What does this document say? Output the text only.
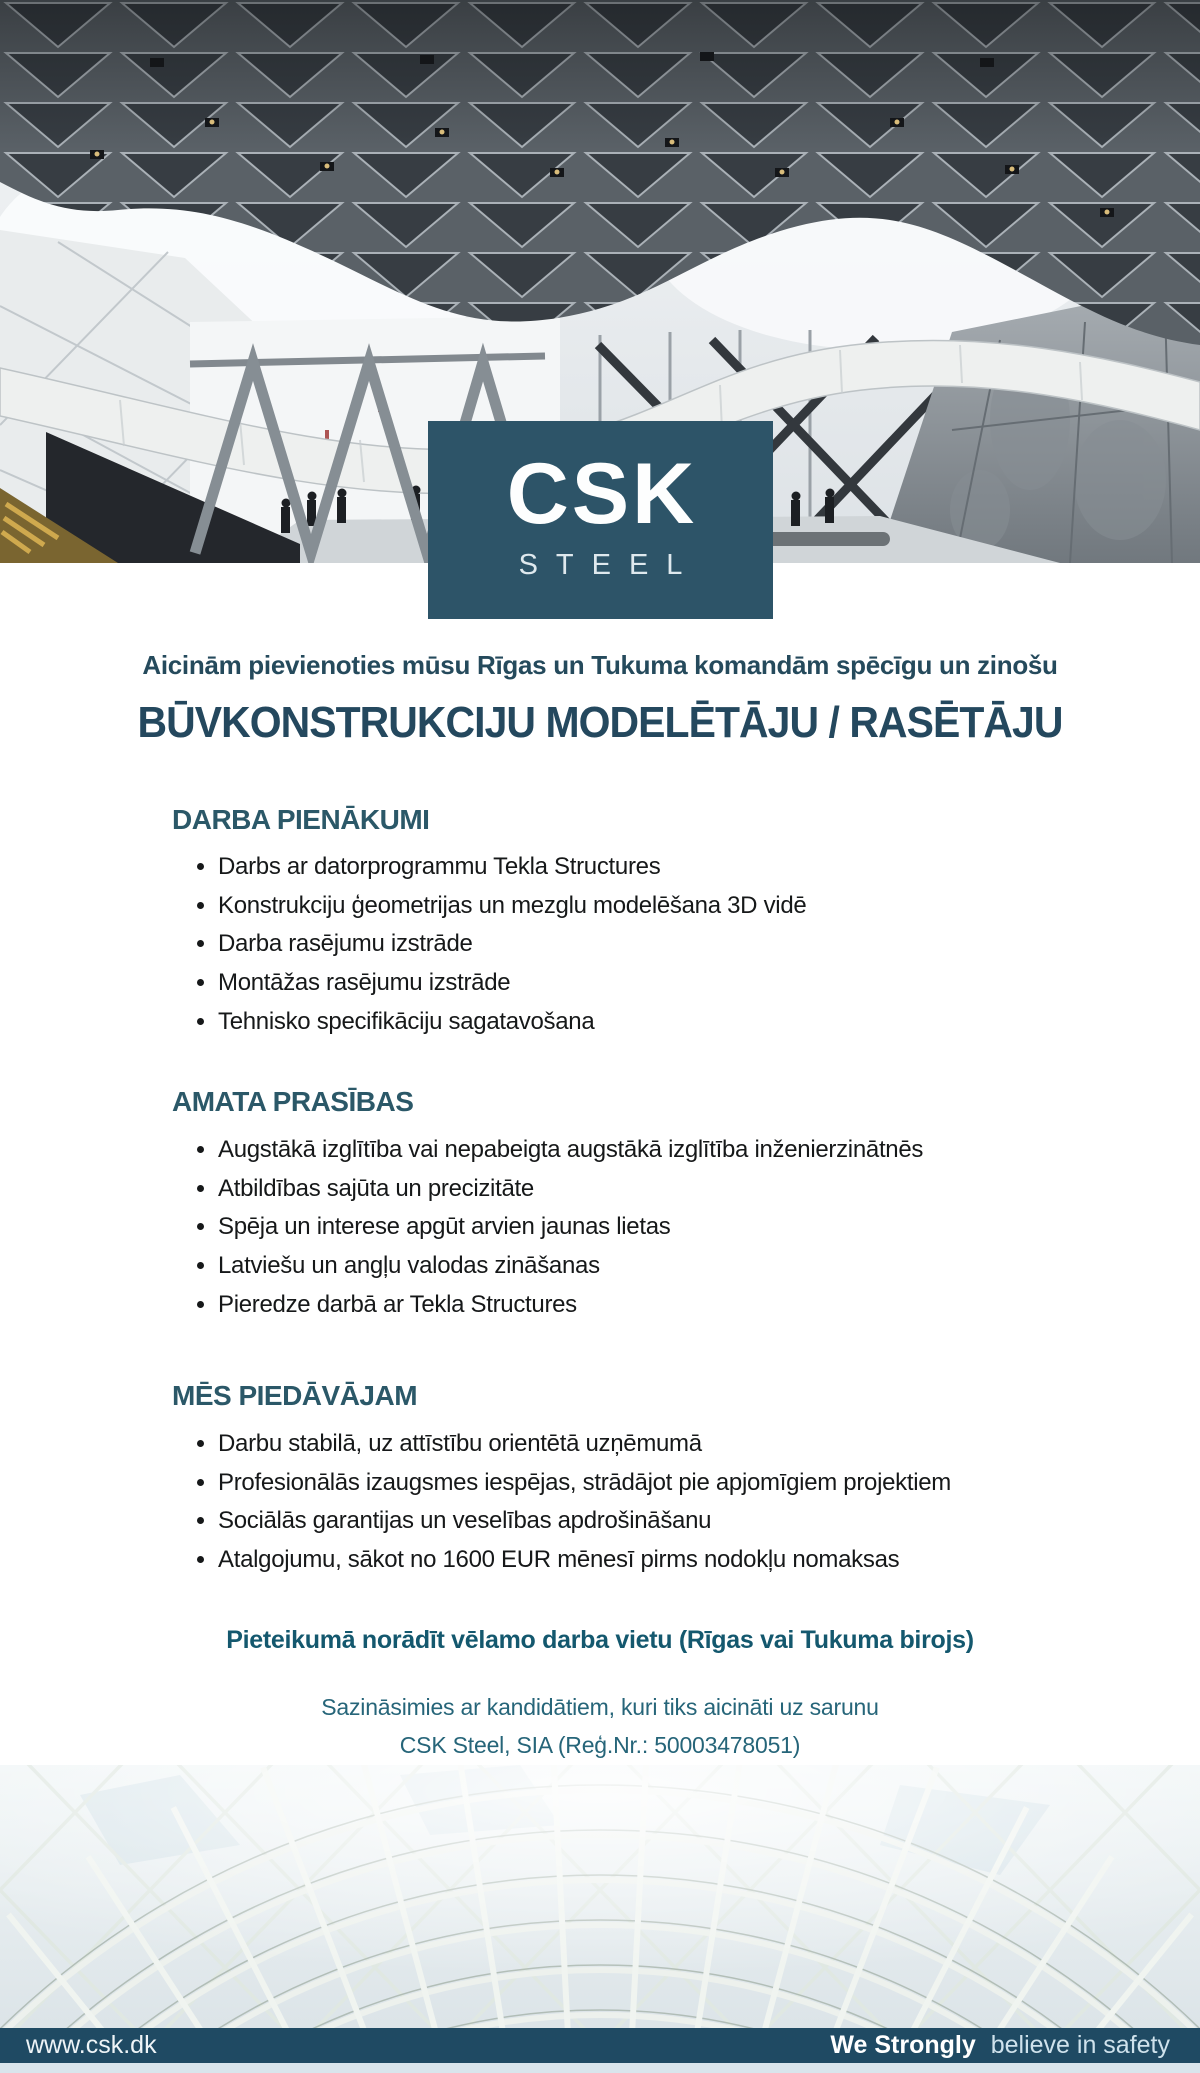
CSK
STEEL
Aicinām pievienoties mūsu Rīgas un Tukuma komandām spēcīgu un zinošu
BŪVKONSTRUKCIJU MODELĒTĀJU / RASĒTĀJU
DARBA PIENĀKUMI
• Darbs ar datorprogrammu Tekla Structures
• Konstrukciju ģeometrijas un mezglu modelēšana 3D vidē
• Darba rasējumu izstrāde
• Montāžas rasējumu izstrāde
• Tehnisko specifikāciju sagatavošana
AMATA PRASĪBAS
• Augstākā izglītība vai nepabeigta augstākā izglītība inženierzinātnēs
• Atbildības sajūta un precizitāte
• Spēja un interese apgūt arvien jaunas lietas
• Latviešu un angļu valodas zināšanas
• Pieredze darbā ar Tekla Structures
MĒS PIEDĀVĀJAM
• Darbu stabilā, uz attīstību orientētā uzņēmumā
• Profesionālās izaugsmes iespējas, strādājot pie apjomīgiem projektiem
• Sociālās garantijas un veselības apdrošināšanu
• Atalgojumu, sākot no 1600 EUR mēnesī pirms nodokļu nomaksas
Pieteikumā norādīt vēlamo darba vietu (Rīgas vai Tukuma birojs)
Sazināsimies ar kandidātiem, kuri tiks aicināti uz sarunu
CSK Steel, SIA (Reģ.Nr.: 50003478051)
www.csk.dk	We Strongly believe in safety
